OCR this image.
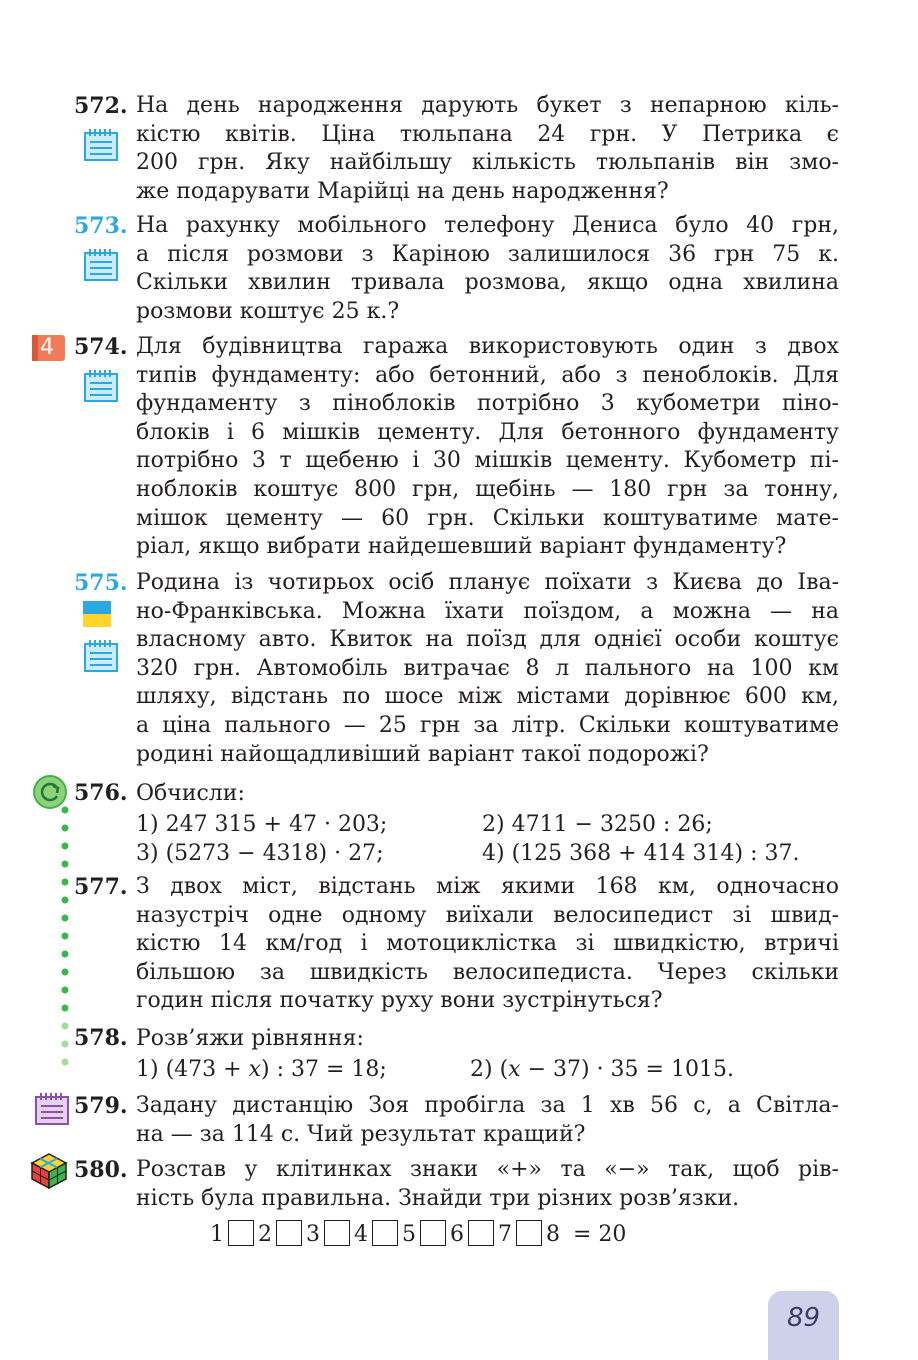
572. На день народження дарують букет з непарною кіль-
кістю квітів. Ціна тюльпана 24 грн. У Петрика є
200 грн. Яку найбільшу кількість тюльпанів він змо-
же подарувати Марійці на день народження?
573. На рахунку мобільного телефону Дениса було 40 грн,
а після розмови з Каріною залишилося 36 грн 75 к.
Скільки хвилин тривала розмова, якщо одна хвилина
розмови коштує 25 к.?
4 574. Для будівництва гаража використовують один з двох
типів фундаменту: або бетонний, або з пеноблоків. Для
фундаменту з піноблоків потрібно 3 кубометри піно-
блоків і 6 мішків цементу. Для бетонного фундаменту
потрібно 3 т щебеню і 30 мішків цементу. Кубометр пі-
ноблоків коштує 800 грн, щебінь — 180 грн за тонну,
мішок цементу — 60 грн. Скільки коштуватиме мате-
ріал, якщо вибрати найдешевший варіант фундаменту?
575. Родина із чотирьох осіб планує поїхати з Києва до Іва-
но-Франківська. Можна їхати поїздом, а можна — на
власному авто. Квиток на поїзд для однієї особи коштує
320 грн. Автомобіль витрачає 8 л пального на 100 км
шляху, відстань по шосе між містами дорівнює 600 км,
а ціна пального — 25 грн за літр. Скільки коштуватиме
родині найощадливіший варіант такої подорожі?
576. Обчисли:
1) 247 315 + 47 · 203;	2) 4711 − 3250 : 26;
3) (5273 − 4318) · 27;	4) (125 368 + 414 314) : 37.
577. З двох міст, відстань між якими 168 км, одночасно
назустріч одне одному виїхали велосипедист зі швид-
кістю 14 км/год і мотоциклістка зі швидкістю, втричі
більшою за швидкість велосипедиста. Через скільки
годин після початку руху вони зустрінуться?
578. Розв’яжи рівняння:
1) (473 + x) : 37 = 18;	2) (x − 37) · 35 = 1015.
579. Задану дистанцію Зоя пробігла за 1 хв 56 с, а Світла-
на — за 114 с. Чий результат кращий?
580. Розстав у клітинках знаки «+» та «−» так, щоб рів-
ність була правильна. Знайди три різних розв’язки.
1 2 3 4 5 6 7 8 = 20
89
